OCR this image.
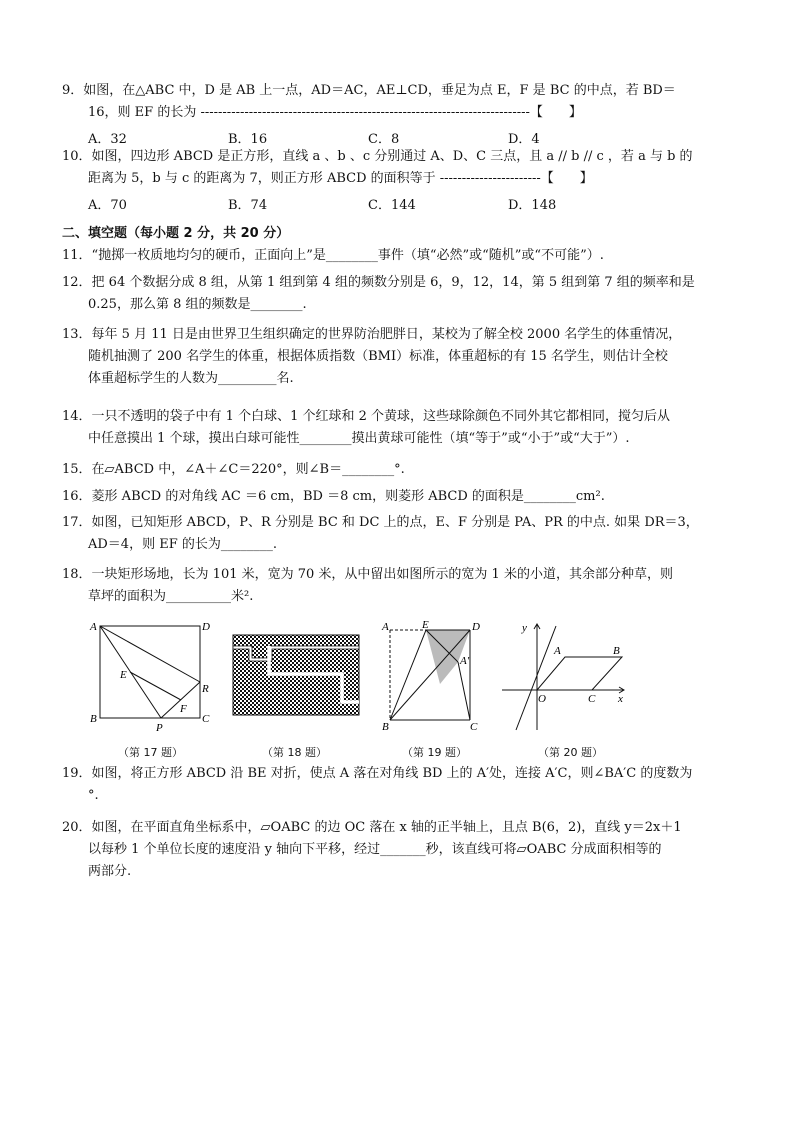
9．如图，在△ABC 中，D 是 AB 上一点，AD＝AC，AE⊥CD，垂足为点 E，F 是 BC 的中点，若 BD＝

16，则 EF 的长为 ---------------------------------------------------------------------------【　　】
A．32	B．16	C．8	D．4
10．如图，四边形 ABCD 是正方形，直线 a 、b 、c 分别通过 A、D、C 三点，且 a // b // c ，若 a 与 b 的

距离为 5，b 与 c 的距离为 7，则正方形 ABCD 的面积等于 -----------------------【　　】
A．70	B．74	C．144	D．148
二、填空题（每小题 2 分，共 20 分）
11．“抛掷一枚质地均匀的硬币，正面向上”是________事件（填“必然”或“随机”或“不可能”）.
12．把 64 个数据分成 8 组，从第 1 组到第 4 组的频数分别是 6，9，12，14，第 5 组到第 7 组的频率和是

0.25，那么第 8 组的频数是________.
13．每年 5 月 11 日是由世界卫生组织确定的世界防治肥胖日，某校为了解全校 2000 名学生的体重情况，

随机抽测了 200 名学生的体重，根据体质指数（BMI）标准，体重超标的有 15 名学生，则估计全校
体重超标学生的人数为_________名.
14．一只不透明的袋子中有 1 个白球、1 个红球和 2 个黄球，这些球除颜色不同外其它都相同，搅匀后从

中任意摸出 1 个球，摸出白球可能性________摸出黄球可能性（填“等于”或“小于”或“大于”）.
15．在▱ABCD 中，∠A＋∠C＝220°，则∠B＝________°.
16．菱形 ABCD 的对角线 AC ＝6 cm，BD ＝8 cm，则菱形 ABCD 的面积是________cm².
17．如图，已知矩形 ABCD，P、R 分别是 BC 和 DC 上的点，E、F 分别是 PA、PR 的中点. 如果 DR＝3，

AD＝4，则 EF 的长为________.
18．一块矩形场地，长为 101 米，宽为 70 米，从中留出如图所示的宽为 1 米的小道，其余部分种草，则

草坪的面积为__________米².
A	D
E
R
F
B
P
C
（第 17 题）	（第 18 题）
A	E	D
A′
B	C
（第 19 题）
y
A	B
O	C x
（第 20 题）
19．如图，将正方形 ABCD 沿 BE 对折，使点 A 落在对角线 BD 上的 A′处，连接 A′C，则∠BA′C 的度数为

°.
20．如图，在平面直角坐标系中，▱OABC 的边 OC 落在 x 轴的正半轴上，且点 B(6，2)，直线 y＝2x＋1

以每秒 1 个单位长度的速度沿 y 轴向下平移，经过_______秒，该直线可将▱OABC 分成面积相等的
两部分.
